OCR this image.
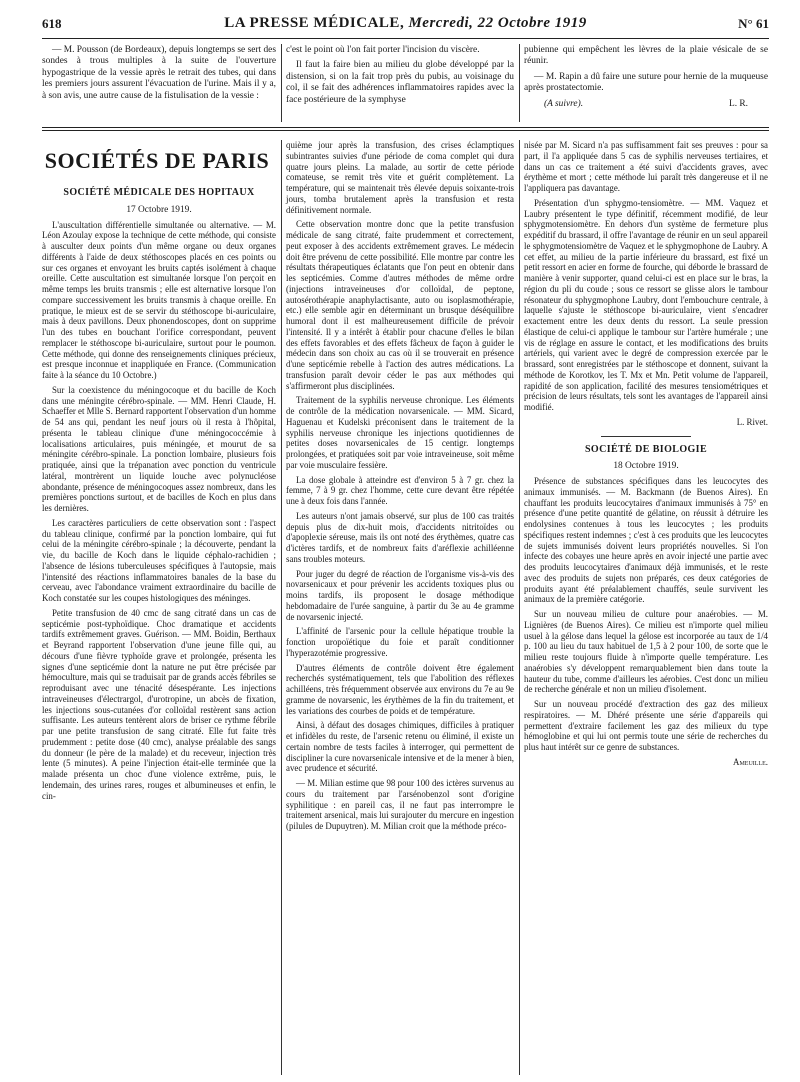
618	LA PRESSE MÉDICALE, Mercredi, 22 Octobre 1919	N° 61

— M. Pousson (de Bordeaux), depuis longtemps se sert des sondes à trous multiples à la suite de l'ouverture hypogastrique de la vessie après le retrait des tubes, qui dans les premiers jours assurent l'évacuation de l'urine. Mais il y a, à son avis, une autre cause de la fistulisation de la vessie :

c'est le point où l'on fait porter l'incision du viscère.

Il faut la faire bien au milieu du globe développé par la distension, si on la fait trop près du pubis, au voisinage du col, il se fait des adhérences inflammatoires rapides avec la face postérieure de la symphyse

pubienne qui empêchent les lèvres de la plaie vésicale de se réunir.

— M. Rapin a dû faire une suture pour hernie de la muqueuse après prostatectomie.

(A suivre).	L. R.
SOCIÉTÉS DE PARIS
SOCIÉTÉ MÉDICALE DES HOPITAUX
17 Octobre 1919.

L'auscultation différentielle simultanée ou alternative. — M. Léon Azoulay expose la technique de cette méthode, qui consiste à ausculter deux points d'un même organe ou deux organes différents à l'aide de deux stéthoscopes placés en ces points ou sur ces organes et envoyant les bruits captés isolément à chaque oreille. Cette auscultation est simultanée lorsque l'on perçoit en même temps les bruits transmis ; elle est alternative lorsque l'on compare successivement les bruits transmis à chaque oreille. En pratique, le mieux est de se servir du stéthoscope bi-auriculaire, mais à deux pavillons. Deux phonendoscopes, dont on supprime l'un des tubes en bouchant l'orifice correspondant, peuvent remplacer le stéthoscope bi-auriculaire, surtout pour le poumon. Cette méthode, qui donne des renseignements cliniques précieux, est presque inconnue et inappliquée en France. (Communication faite à la séance du 10 Octobre.)

Sur la coexistence du méningocoque et du bacille de Koch dans une méningite cérébro-spinale. — MM. Henri Claude, H. Schaeffer et Mlle S. Bernard rapportent l'observation d'un homme de 54 ans qui, pendant les neuf jours où il resta à l'hôpital, présenta le tableau clinique d'une méningococcémie à localisations articulaires, puis méningée, et mourut de sa méningite cérébro-spinale. La ponction lombaire, plusieurs fois pratiquée, ainsi que la trépanation avec ponction du ventricule latéral, montrèrent un liquide louche avec polynucléose abondante, présence de méningocoques assez nombreux, dans les premières ponctions surtout, et de bacilles de Koch en plus dans les dernières.

Les caractères particuliers de cette observation sont : l'aspect du tableau clinique, confirmé par la ponction lombaire, qui fut celui de la méningite cérébro-spinale ; la découverte, pendant la vie, du bacille de Koch dans le liquide céphalo-rachidien ; l'absence de lésions tuberculeuses spécifiques à l'autopsie, mais l'intensité des réactions inflammatoires banales de la base du cerveau, avec l'abondance vraiment extraordinaire du bacille de Koch constatée sur les coupes histologiques des méninges.

Petite transfusion de 40 cmc de sang citraté dans un cas de septicémie post-typhoïdique. Choc dramatique et accidents tardifs extrêmement graves. Guérison. — MM. Boidin, Berthaux et Beyrand rapportent l'observation d'une jeune fille qui, au décours d'une fièvre typhoïde grave et prolongée, présenta les signes d'une septicémie dont la nature ne put être précisée par hémoculture, mais qui se traduisait par de grands accès fébriles se reproduisant avec une ténacité désespérante. Les injections intraveineuses d'électrargol, d'urotropine, un abcès de fixation, les injections sous-cutanées d'or colloïdal restèrent sans action suffisante. Les auteurs tentèrent alors de briser ce rythme fébrile par une petite transfusion de sang citraté. Elle fut faite très prudemment : petite dose (40 cmc), analyse préalable des sangs du donneur (le père de la malade) et du receveur, injection très lente (5 minutes). A peine l'injection était-elle terminée que la malade présenta un choc d'une violence extrême, puis, le lendemain, des urines rares, rouges et albumineuses et enfin, le cin-

quième jour après la transfusion, des crises éclamptiques subintrantes suivies d'une période de coma complet qui dura quatre jours pleins. La malade, au sortir de cette période comateuse, se remit très vite et guérit complètement. La température, qui se maintenait très élevée depuis soixante-trois jours, tomba brutalement après la transfusion et resta définitivement normale.

Cette observation montre donc que la petite transfusion médicale de sang citraté, faite prudemment et correctement, peut exposer à des accidents extrêmement graves. Le médecin doit être prévenu de cette possibilité. Elle montre par contre les résultats thérapeutiques éclatants que l'on peut en obtenir dans les septicémies. Comme d'autres méthodes de même ordre (injections intraveineuses d'or colloïdal, de peptone, autosérothérapie anaphylactisante, auto ou isoplasmothérapie, etc.) elle semble agir en déterminant un brusque déséquilibre humoral dont il est malheureusement difficile de prévoir l'intensité. Il y a intérêt à établir pour chacune d'elles le bilan des effets favorables et des effets fâcheux de façon à guider le médecin dans son choix au cas où il se trouverait en présence d'une septicémie rebelle à l'action des autres médications. La transfusion paraît devoir céder le pas aux méthodes qui s'affirmeront plus disciplinées.

Traitement de la syphilis nerveuse chronique. Les éléments de contrôle de la médication novarsenicale. — MM. Sicard, Haguenau et Kudelski préconisent dans le traitement de la syphilis nerveuse chronique les injections quotidiennes de petites doses novarsenicales de 15 centigr. longtemps prolongées, et pratiquées soit par voie intraveineuse, soit même par voie musculaire fessière.

La dose globale à atteindre est d'environ 5 à 7 gr. chez la femme, 7 à 9 gr. chez l'homme, cette cure devant être répétée une à deux fois dans l'année.

Les auteurs n'ont jamais observé, sur plus de 100 cas traités depuis plus de dix-huit mois, d'accidents nitritoïdes ou d'apoplexie séreuse, mais ils ont noté des érythèmes, quatre cas d'ictères tardifs, et de nombreux faits d'aréflexie achilléenne sans troubles moteurs.

Pour juger du degré de réaction de l'organisme vis-à-vis des novarsenicaux et pour prévenir les accidents toxiques plus ou moins tardifs, ils proposent le dosage méthodique hebdomadaire de l'urée sanguine, à partir du 3e au 4e gramme de novarsenic injecté.

L'affinité de l'arsenic pour la cellule hépatique trouble la fonction uropoïétique du foie et paraît conditionner l'hyperazotémie progressive.

D'autres éléments de contrôle doivent être également recherchés systématiquement, tels que l'abolition des réflexes achilléens, très fréquemment observée aux environs du 7e au 9e gramme de novarsenic, les érythèmes de la fin du traitement, et les variations des courbes de poids et de température.

Ainsi, à défaut des dosages chimiques, difficiles à pratiquer et infidèles du reste, de l'arsenic retenu ou éliminé, il existe un certain nombre de tests faciles à interroger, qui permettent de discipliner la cure novarsenicale intensive et de la mener à bien, avec prudence et sécurité.

— M. Milian estime que 98 pour 100 des ictères survenus au cours du traitement par l'arsénobenzol sont d'origine syphilitique : en pareil cas, il ne faut pas interrompre le traitement arsenical, mais lui surajouter du mercure en ingestion (pilules de Dupuytren). M. Milian croit que la méthode préco-

nisée par M. Sicard n'a pas suffisamment fait ses preuves : pour sa part, il l'a appliquée dans 5 cas de syphilis nerveuses tertiaires, et dans un cas ce traitement a été suivi d'accidents graves, avec érythème et mort ; cette méthode lui paraît très dangereuse et il ne l'appliquera pas davantage.

Présentation d'un sphygmo-tensiomètre. — MM. Vaquez et Laubry présentent le type définitif, récemment modifié, de leur sphygmotensiomètre. En dehors d'un système de fermeture plus expéditif du brassard, il offre l'avantage de réunir en un seul appareil le sphygmotensiomètre de Vaquez et le sphygmophone de Laubry. A cet effet, au milieu de la partie inférieure du brassard, est fixé un petit ressort en acier en forme de fourche, qui déborde le brassard de manière à venir supporter, quand celui-ci est en place sur le bras, la région du pli du coude ; sous ce ressort se glisse alors le tambour résonateur du sphygmophone Laubry, dont l'embouchure centrale, à laquelle s'ajuste le stéthoscope bi-auriculaire, vient s'encadrer exactement entre les deux dents du ressort. La seule pression élastique de celui-ci applique le tambour sur l'artère humérale ; une vis de réglage en assure le contact, et les modifications des bruits artériels, qui varient avec le degré de compression exercée par le brassard, sont enregistrées par le stéthoscope et donnent, suivant la méthode de Korotkov, les T. Mx et Mn. Petit volume de l'appareil, rapidité de son application, facilité des mesures tensiométriques et précision de leurs résultats, tels sont les avantages de l'appareil ainsi modifié.

L. Rivet.
SOCIÉTÉ DE BIOLOGIE
18 Octobre 1919.

Présence de substances spécifiques dans les leucocytes des animaux immunisés. — M. Backmann (de Buenos Aires). En chauffant les produits leucocytaires d'animaux immunisés à 75° en présence d'une petite quantité de gélatine, on réussit à détruire les endolysines contenues à tous les leucocytes ; les produits spécifiques restent indemnes ; c'est à ces produits que les leucocytes de sujets immunisés doivent leurs propriétés nouvelles. Si l'on infecte des cobayes une heure après en avoir injecté une partie avec des produits leucocytaires d'animaux déjà immunisés, et le reste avec des produits de sujets non préparés, ces deux catégories de produits ayant été préalablement chauffés, seule survivent les animaux de la première catégorie.

Sur un nouveau milieu de culture pour anaérobies. — M. Lignières (de Buenos Aires). Ce milieu est n'importe quel milieu usuel à la gélose dans lequel la gélose est incorporée au taux de 1/4 p. 100 au lieu du taux habituel de 1,5 à 2 pour 100, de sorte que le milieu reste toujours fluide à n'importe quelle température. Les anaérobies s'y développent remarquablement bien dans toute la hauteur du tube, comme d'ailleurs les aérobies. C'est donc un milieu de recherche générale et non un milieu d'isolement.

Sur un nouveau procédé d'extraction des gaz des milieux respiratoires. — M. Dhéré présente une série d'appareils qui permettent d'extraire facilement les gaz des milieux du type hémoglobine et qui lui ont permis toute une série de recherches du plus haut intérêt sur ce genre de substances.

Ameuille.
